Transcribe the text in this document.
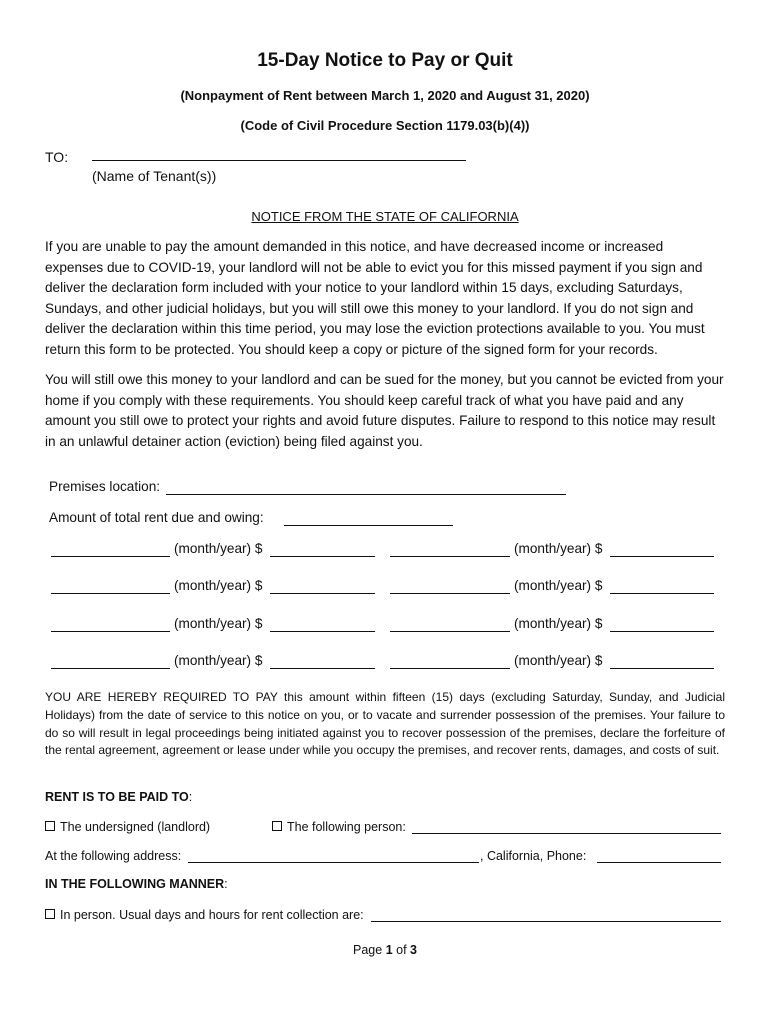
15-Day Notice to Pay or Quit
(Nonpayment of Rent between March 1, 2020 and August 31, 2020)
(Code of Civil Procedure Section 1179.03(b)(4))
TO:
(Name of Tenant(s))
NOTICE FROM THE STATE OF CALIFORNIA
If you are unable to pay the amount demanded in this notice, and have decreased income or increased expenses due to COVID-19, your landlord will not be able to evict you for this missed payment if you sign and deliver the declaration form included with your notice to your landlord within 15 days, excluding Saturdays, Sundays, and other judicial holidays, but you will still owe this money to your landlord. If you do not sign and deliver the declaration within this time period, you may lose the eviction protections available to you. You must return this form to be protected. You should keep a copy or picture of the signed form for your records.
You will still owe this money to your landlord and can be sued for the money, but you cannot be evicted from your home if you comply with these requirements. You should keep careful track of what you have paid and any amount you still owe to protect your rights and avoid future disputes. Failure to respond to this notice may result in an unlawful detainer action (eviction) being filed against you.
Premises location:
Amount of total rent due and owing:
(month/year) $
(month/year) $
(month/year) $
(month/year) $
(month/year) $
(month/year) $
(month/year) $
(month/year) $
YOU ARE HEREBY REQUIRED TO PAY this amount within fifteen (15) days (excluding Saturday, Sunday, and Judicial Holidays) from the date of service to this notice on you, or to vacate and surrender possession of the premises. Your failure to do so will result in legal proceedings being initiated against you to recover possession of the premises, declare the forfeiture of the rental agreement, agreement or lease under while you occupy the premises, and recover rents, damages, and costs of suit.
RENT IS TO BE PAID TO:
The undersigned (landlord)	The following person:
At the following address:	, California, Phone:
IN THE FOLLOWING MANNER:
In person. Usual days and hours for rent collection are:
Page 1 of 3
